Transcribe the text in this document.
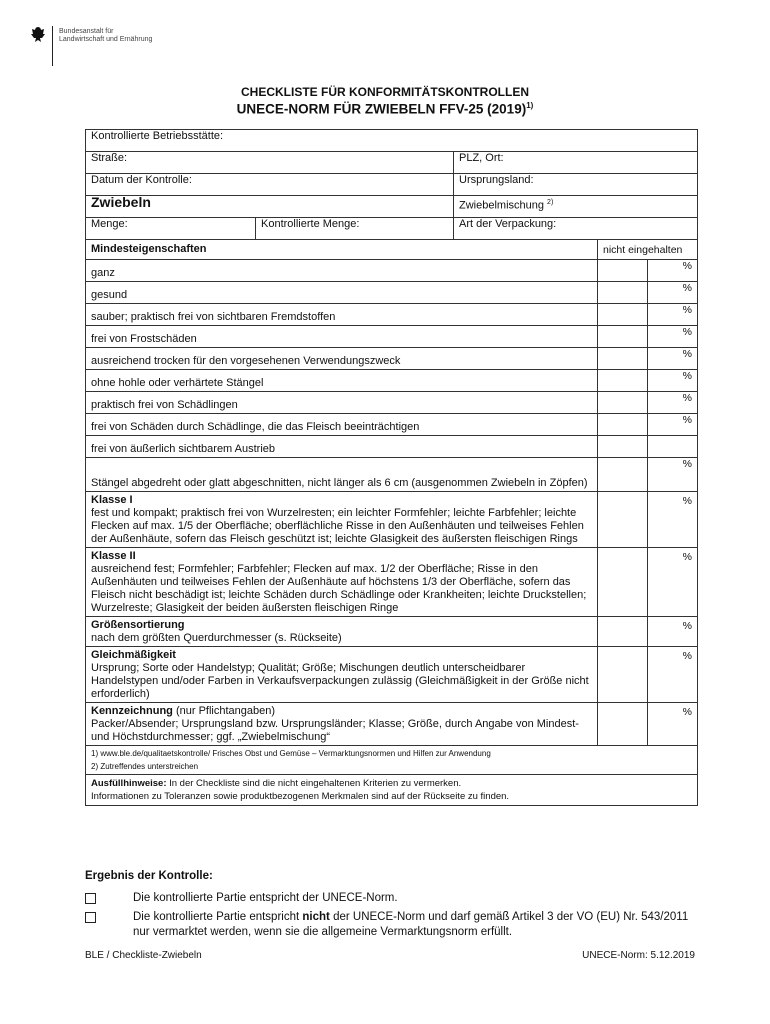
Bundesanstalt für
Landwirtschaft und Ernährung
CHECKLISTE FÜR KONFORMITÄTSKONTROLLEN
UNECE-NORM FÜR ZWIEBELN FFV-25 $(2019)^{1)}$
Kontrollierte Betriebsstätte:				
Straße:		PLZ, Ort:		
Datum der Kontrolle:		Ursprungsland:		
Zwiebeln		Zwiebelmischung $^{2)}$
Menge:	Kontrollierte Menge:	Art der Verpackung:		
Mindesteigenschaften			nicht eingehalten	
ganz				%
gesund				%
sauber; praktisch frei von sichtbaren Fremdstoffen				%
frei von Frostschäden				%
ausreichend trocken für den vorgesehenen Verwendungszweck				%
ohne hohle oder verhärtete Stängel				%
praktisch frei von Schädlingen				%
frei von Schäden durch Schädlinge, die das Fleisch beeinträchtigen				%
frei von äußerlich sichtbarem Austrieb				
Stängel abgedreht oder glatt abgeschnitten, nicht länger als 6 cm (ausgenommen Zwiebeln in Zöpfen)				%
Klasse I
fest und kompakt; praktisch frei von Wurzelresten; ein leichter Formfehler; leichte Farbfehler; leichte Flecken auf max. 1/5 der Oberfläche; oberflächliche Risse in den Außenhäuten und teilweises Fehlen der Außenhäute, sofern das Fleisch geschützt ist; leichte Glasigkeit des äußersten fleischigen Rings				%
Klasse II
ausreichend fest; Formfehler; Farbfehler; Flecken auf max. 1/2 der Oberfläche; Risse in den Außenhäuten und teilweises Fehlen der Außenhäute auf höchstens 1/3 der Oberfläche, sofern das Fleisch nicht beschädigt ist; leichte Schäden durch Schädlinge oder Krankheiten; leichte Druckstellen; Wurzelreste; Glasigkeit der beiden äußersten fleischigen Ringe				%
Größensortierung
nach dem größten Querdurchmesser (s. Rückseite)				%
Gleichmäßigkeit
Ursprung; Sorte oder Handelstyp; Qualität; Größe; Mischungen deutlich unterscheidbarer Handelstypen und/oder Farben in Verkaufsverpackungen zulässig (Gleichmäßigkeit in der Größe nicht erforderlich)				%
Kennzeichnung (nur Pflichtangaben)
Packer/Absender; Ursprungsland bzw. Ursprungsländer; Klasse; Größe, durch Angabe von Mindest- und Höchstdurchmesser; ggf. „Zwiebelmischung“				%

1) www.ble.de/qualitaetskontrolle/ Frisches Obst und Gemüse – Vermarktungsnormen und Hilfen zur Anwendung
2) Zutreffendes unterstreichen				

Ausfüllhinweise: In der Checkliste sind die nicht eingehaltenen Kriterien zu vermerken.
Informationen zu Toleranzen sowie produktbezogenen Merkmalen sind auf der Rückseite zu finden.				
Ergebnis der Kontrolle:
Die kontrollierte Partie entspricht der UNECE-Norm.
Die kontrollierte Partie entspricht nicht der UNECE-Norm und darf gemäß Artikel 3 der VO (EU) Nr. 543/2011 nur vermarktet werden, wenn sie die allgemeine Vermarktungsnorm erfüllt.
BLE / Checkliste-Zwiebeln	UNECE-Norm: 5.12.2019
